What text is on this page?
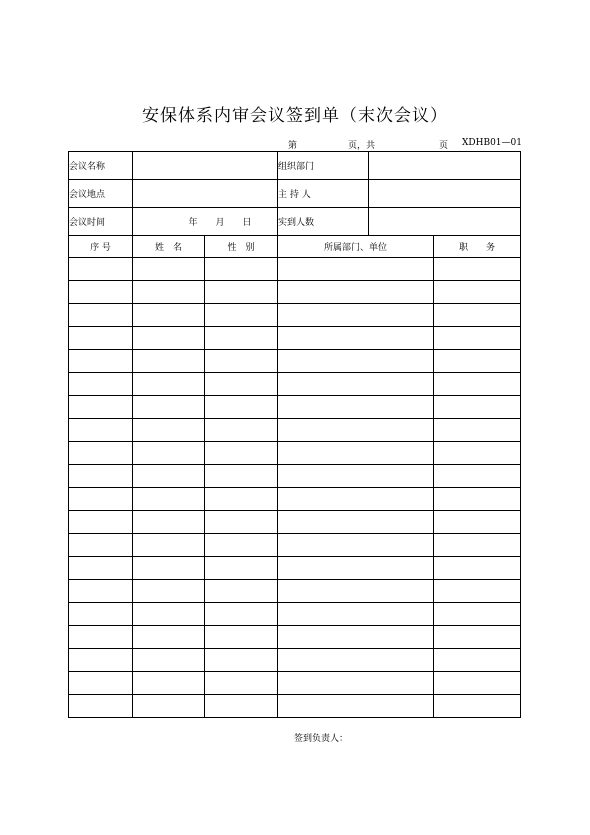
安保体系内审会议签到单（末次会议）
第	页，共	页 XDHB01—01
会议名称			组织部门		
会议地点			主 持 人		
会议时间	年　　月　　日		实到人数		
序 号	姓　名	性　别	所属部门、单位		职　　务

签到负责人：
